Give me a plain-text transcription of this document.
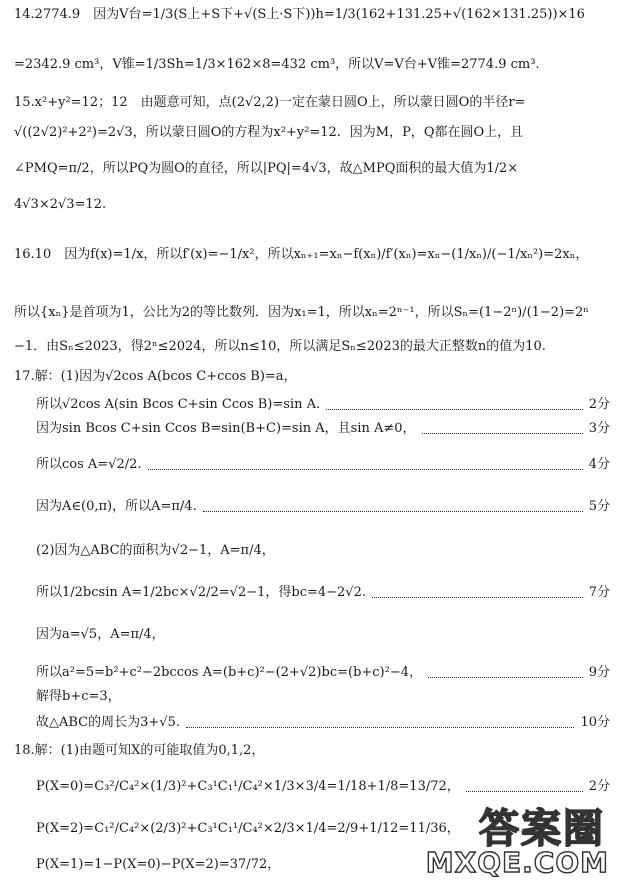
14.2774.9　因为V台=1/3(S上+S下+√(S上·S下))h=1/3(162+131.25+√(162×131.25))×16
=2342.9 cm³，V锥=1/3Sh=1/3×162×8=432 cm³，所以V=V台+V锥=2774.9 cm³.
15.x²+y²=12；12　由题意可知，点(2√2,2)一定在蒙日圆O上，所以蒙日圆O的半径r=
√((2√2)²+2²)=2√3，所以蒙日圆O的方程为x²+y²=12．因为M，P，Q都在圆O上，且
∠PMQ=π/2，所以PQ为圆O的直径，所以|PQ|=4√3，故△MPQ面积的最大值为1/2×
4√3×2√3=12.
16.10　因为f(x)=1/x，所以f′(x)=−1/x²，所以xₙ₊₁=xₙ−f(xₙ)/f′(xₙ)=xₙ−(1/xₙ)/(−1/xₙ²)=2xₙ，
所以{xₙ}是首项为1，公比为2的等比数列．因为x₁=1，所以xₙ=2ⁿ⁻¹，所以Sₙ=(1−2ⁿ)/(1−2)=2ⁿ
−1．由Sₙ≤2023，得2ⁿ≤2024，所以n≤10，所以满足Sₙ≤2023的最大正整数n的值为10.
17.解：(1)因为√2cos A(bcos C+ccos B)=a，
所以√2cos A(sin Bcos C+sin Ccos B)=sin A.	2分
因为sin Bcos C+sin Ccos B=sin(B+C)=sin A，且sin A≠0，	3分
所以cos A=√2/2.	4分
因为A∈(0,π)，所以A=π/4.	5分
(2)因为△ABC的面积为√2−1，A=π/4，
所以1/2bcsin A=1/2bc×√2/2=√2−1，得bc=4−2√2.	7分
因为a=√5，A=π/4，
所以a²=5=b²+c²−2bccos A=(b+c)²−(2+√2)bc=(b+c)²−4，	9分
解得b+c=3，
故△ABC的周长为3+√5.	10分
18.解：(1)由题可知X的可能取值为0,1,2，
P(X=0)=C₃²/C₄²×(1/3)²+C₃¹C₁¹/C₄²×1/3×3/4=1/18+1/8=13/72，	2分
P(X=2)=C₁²/C₄²×(2/3)²+C₃¹C₁¹/C₄²×2/3×1/4=2/9+1/12=11/36，
P(X=1)=1−P(X=0)−P(X=2)=37/72，
答案圈
MXQE.COM
